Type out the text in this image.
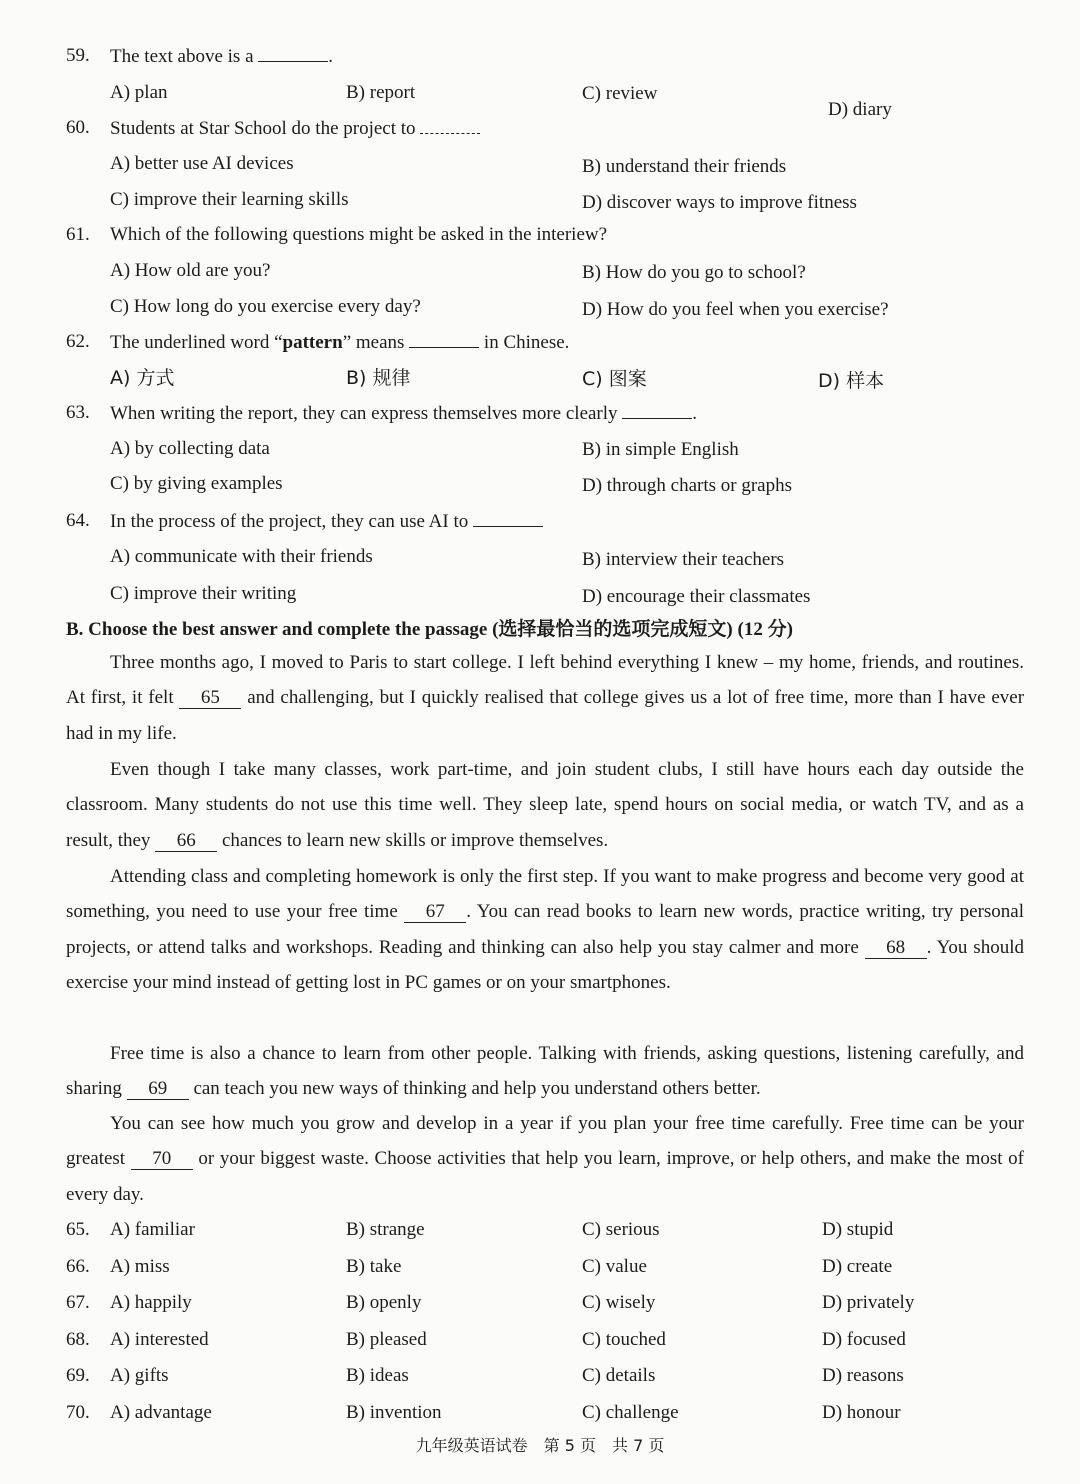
59. The text above is a	.
A) plan	B) report	C) review
D) diary
60. Students at Star School do the project to
A) better use AI devices	B) understand their friends
C) improve their learning skills	D) discover ways to improve fitness
61. Which of the following questions might be asked in the interiew?
A) How old are you?	B) How do you go to school?
C) How long do you exercise every day?	D) How do you feel when you exercise?
62. The underlined word “pattern” means	in Chinese.
A) 方式	B) 规律	C) 图案	D) 样本
63. When writing the report, they can express themselves more clearly	.
A) by collecting data	B) in simple English
C) by giving examples	D) through charts or graphs
64. In the process of the project, they can use AI to
A) communicate with their friends	B) interview their teachers
C) improve their writing	D) encourage their classmates
B. Choose the best answer and complete the passage (选择最恰当的选项完成短文) (12 分)
Three months ago, I moved to Paris to start college. I left behind everything I knew – my home, friends, and routines. At first, it felt 65 and challenging, but I quickly realised that college gives us a lot of free time, more than I have ever had in my life.
Even though I take many classes, work part-time, and join student clubs, I still have hours each day outside the classroom. Many students do not use this time well. They sleep late, spend hours on social media, or watch TV, and as a result, they 66 chances to learn new skills or improve themselves.
Attending class and completing homework is only the first step. If you want to make progress and become very good at something, you need to use your free time 67 . You can read books to learn new words, practice writing, try personal projects, or attend talks and workshops. Reading and thinking can also help you stay calmer and more 68 . You should exercise your mind instead of getting lost in PC games or on your smartphones.
Free time is also a chance to learn from other people. Talking with friends, asking questions, listening carefully, and sharing 69 can teach you new ways of thinking and help you understand others better.
You can see how much you grow and develop in a year if you plan your free time carefully. Free time can be your greatest 70 or your biggest waste. Choose activities that help you learn, improve, or help others, and make the most of every day.
65. A) familiar	B) strange	C) serious	D) stupid
66. A) miss	B) take	C) value	D) create
67. A) happily	B) openly	C) wisely	D) privately
68. A) interested	B) pleased	C) touched	D) focused
69. A) gifts	B) ideas	C) details	D) reasons
70. A) advantage	B) invention	C) challenge	D) honour
九年级英语试卷　第 5 页　共 7 页
